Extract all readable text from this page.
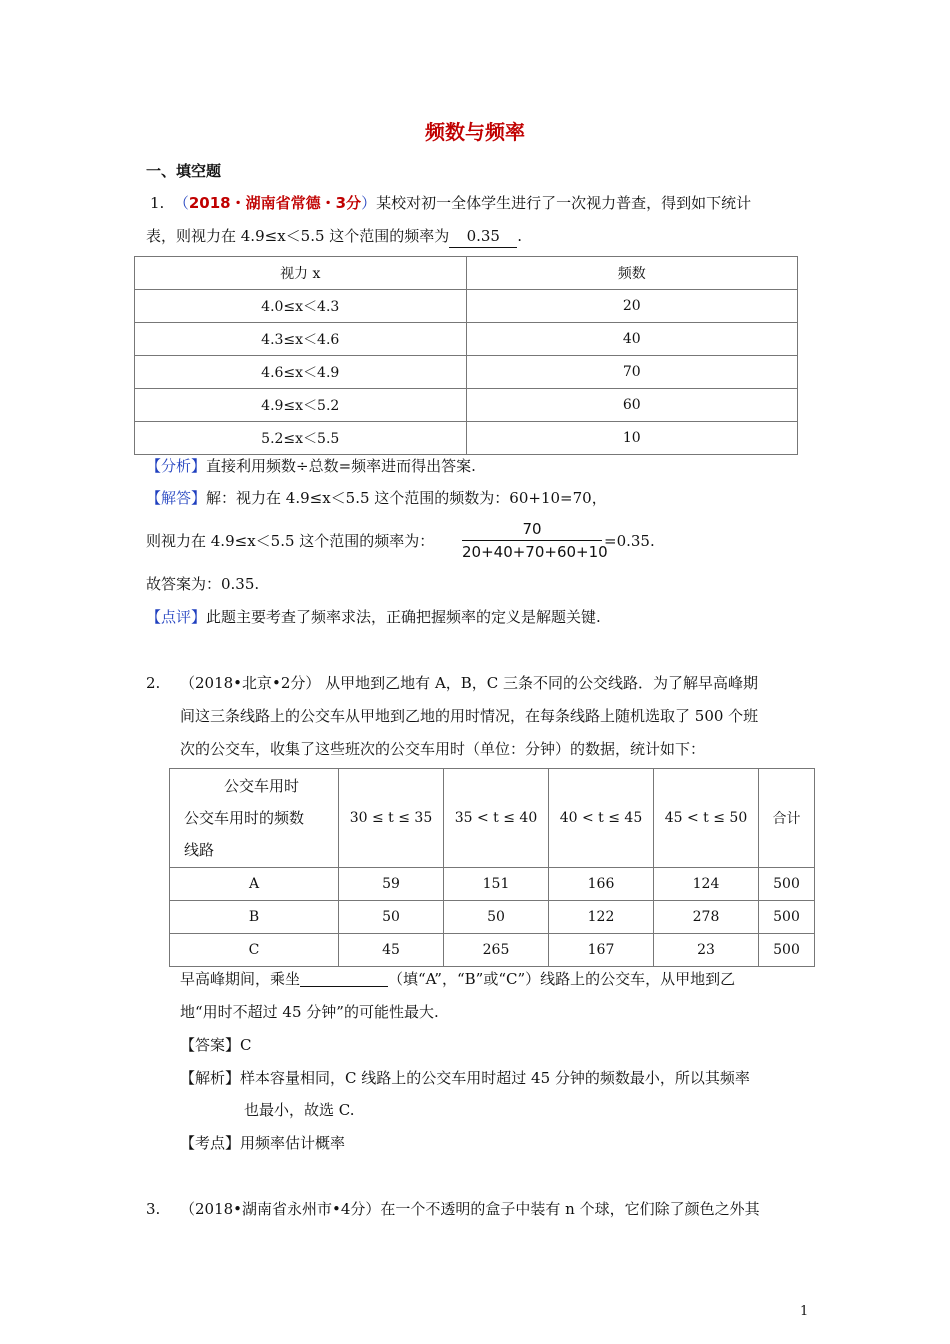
频数与频率
一、填空题
1. （2018・湖南省常德・3分）某校对初一全体学生进行了一次视力普查，得到如下统计
表，则视力在 4.9≤x＜5.5 这个范围的频率为 0.35 .
视力 x	频数
4.0≤x＜4.3	20
4.3≤x＜4.6	40
4.6≤x＜4.9	70
4.9≤x＜5.2	60
5.2≤x＜5.5	10
【分析】直接利用频数÷总数=频率进而得出答案.
【解答】解：视力在 4.9≤x＜5.5 这个范围的频数为：60+10=70，
则视力在 4.9≤x＜5.5 这个范围的频率为： $\frac{70}{20+40+70+60+10} =0.35$.
故答案为：0.35.
【点评】此题主要考查了频率求法，正确把握频率的定义是解题关键.
2. （2018•北京•2分） 从甲地到乙地有 A，B，C 三条不同的公交线路．为了解早高峰期
间这三条线路上的公交车从甲地到乙地的用时情况，在每条线路上随机选取了 500 个班
次的公交车，收集了这些班次的公交车用时（单位：分钟）的数据，统计如下：
公交车用时
公交车用时的频数
线路	30 ≤ t ≤ 35	35 < t ≤ 40	40 < t ≤ 45	45 < t ≤ 50	合计
A	59	151	166	124	500
B	50	50	122	278	500
C	45	265	167	23	500
早高峰期间，乘坐	（填“A”，“B”或“C”）线路上的公交车，从甲地到乙
地“用时不超过 45 分钟”的可能性最大.
【答案】C
【解析】样本容量相同，C 线路上的公交车用时超过 45 分钟的频数最小，所以其频率
也最小，故选 C.
【考点】用频率估计概率
3. （2018•湖南省永州市•4分）在一个不透明的盒子中装有 n 个球，它们除了颜色之外其
1
